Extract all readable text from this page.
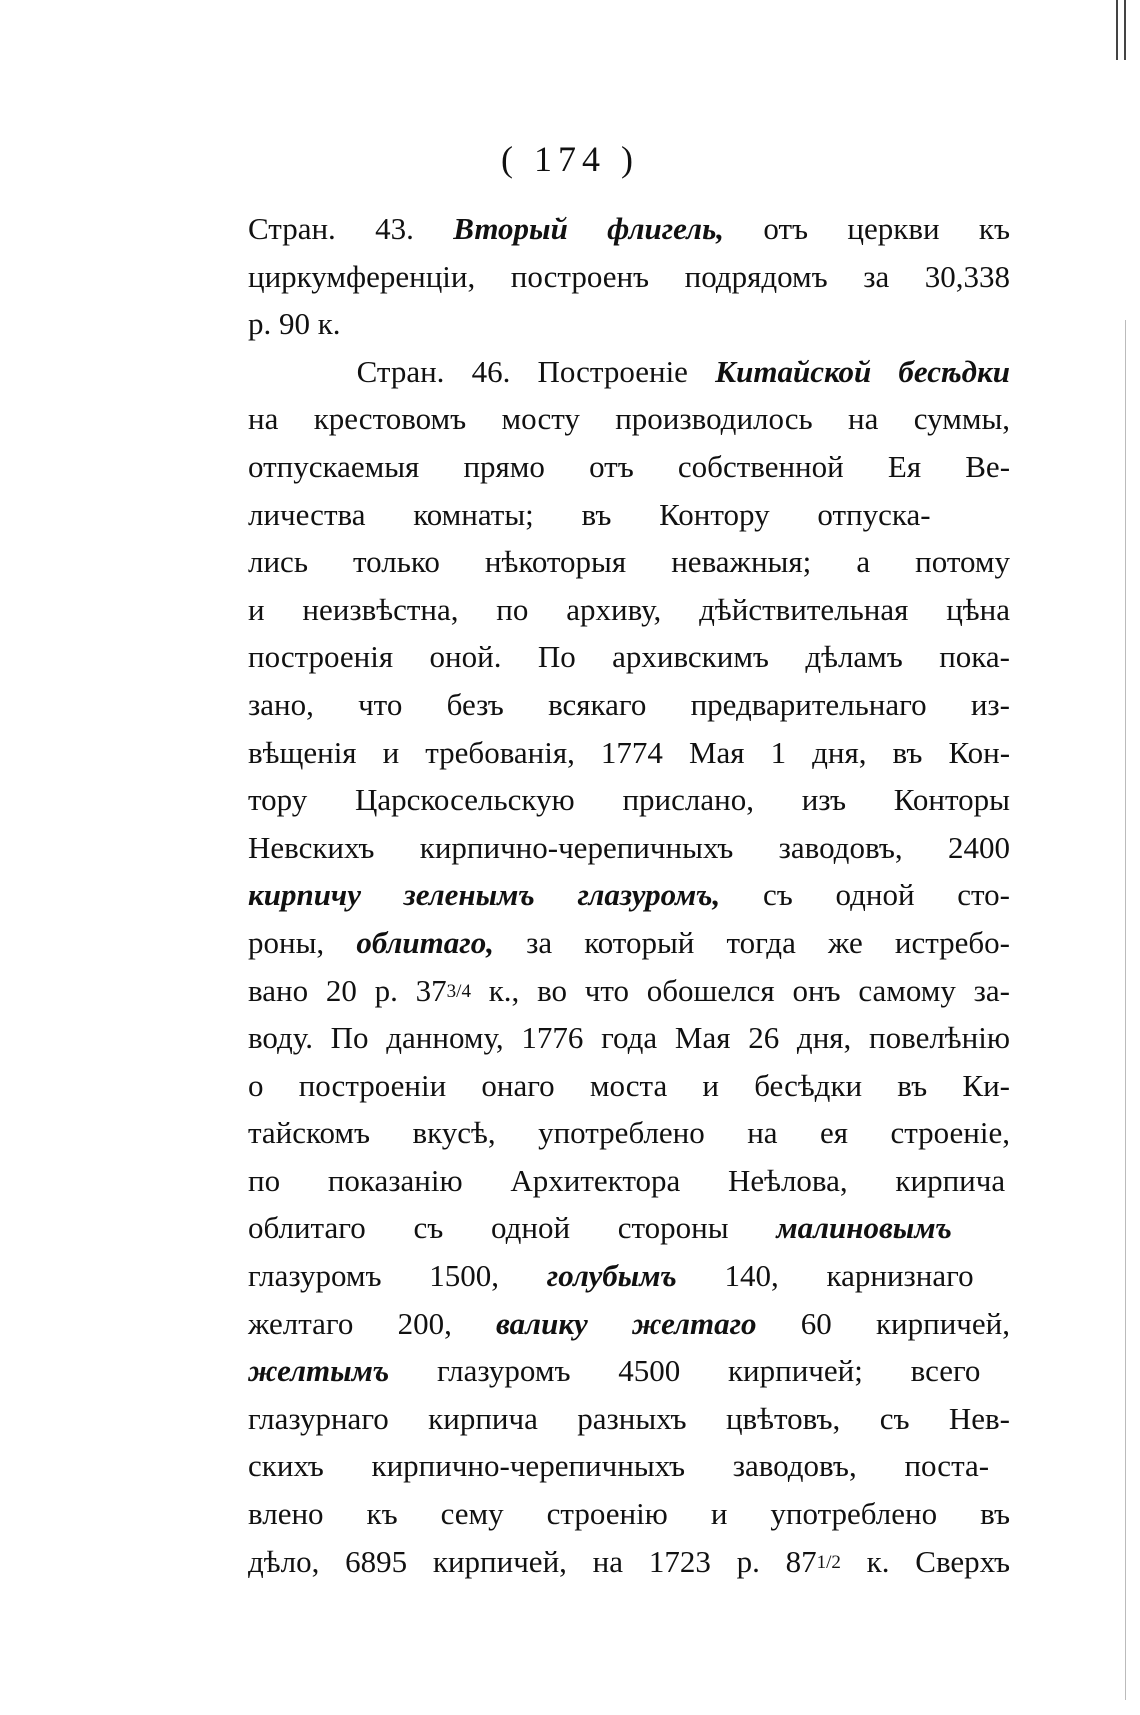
( 174 )
Стран. 43. Вторый флигель, отъ церкви къ
циркумференціи, построенъ подрядомъ за 30,338
р. 90 к.
Стран. 46. Построеніе Китайской бесѣдки
на крестовомъ мосту производилось на суммы,
отпускаемыя прямо отъ собственной Ея Ве-
личества комнаты; въ Контору отпуска-
лись только нѣкоторыя неважныя; а потому
и неизвѣстна, по архиву, дѣйствительная цѣна
построенія оной. По архивскимъ дѣламъ пока-
зано, что безъ всякаго предварительнаго из-
вѣщенія и требованія, 1774 Мая 1 дня, въ Кон-
тору Царскосельскую прислано, изъ Конторы
Невскихъ кирпично-черепичныхъ заводовъ, 2400
кирпичу зеленымъ глазуромъ, съ одной сто-
роны, облитаго, за который тогда же истребо-
вано 20 р. 373/4 к., во что обошелся онъ самому за-
воду. По данному, 1776 года Мая 26 дня, повелѣнію
о построеніи онаго моста и бесѣдки въ Ки-
тайскомъ вкусѣ, употреблено на ея строеніе,
по показанію Архитектора Неѣлова, кирпича
облитаго съ одной стороны малиновымъ
глазуромъ 1500, голубымъ 140, карнизнаго
желтаго 200, валику желтаго 60 кирпичей,
желтымъ глазуромъ 4500 кирпичей; всего
глазурнаго кирпича разныхъ цвѣтовъ, съ Нев-
скихъ кирпично-черепичныхъ заводовъ, поста-
влено къ сему строенію и употреблено въ
дѣло, 6895 кирпичей, на 1723 р. 871/2 к. Сверхъ
